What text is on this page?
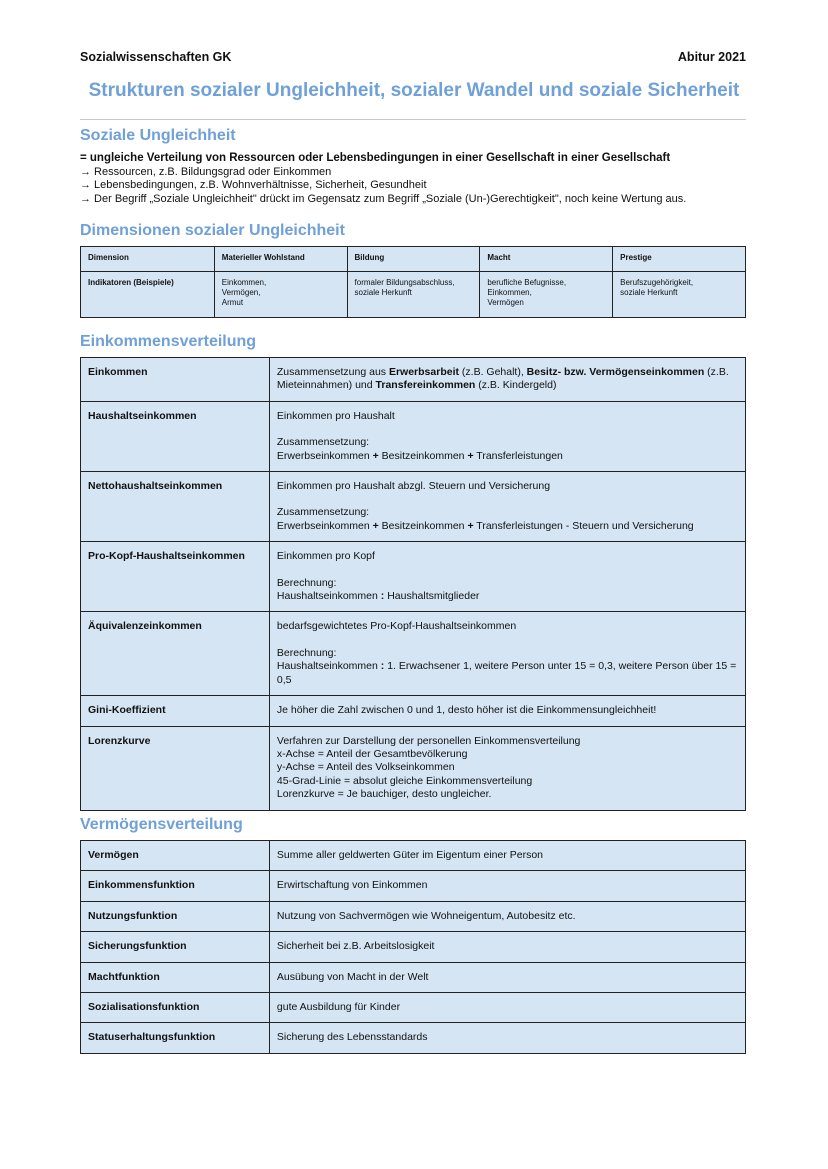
Sozialwissenschaften GK	Abitur 2021
Strukturen sozialer Ungleichheit, sozialer Wandel und soziale Sicherheit
Soziale Ungleichheit
= ungleiche Verteilung von Ressourcen oder Lebensbedingungen in einer Gesellschaft in einer Gesellschaft
→ Ressourcen, z.B. Bildungsgrad oder Einkommen
→ Lebensbedingungen, z.B. Wohnverhältnisse, Sicherheit, Gesundheit
→ Der Begriff „Soziale Ungleichheit" drückt im Gegensatz zum Begriff „Soziale (Un-)Gerechtigkeit", noch keine Wertung aus.
Dimensionen sozialer Ungleichheit
Dimension	Materieller Wohlstand	Bildung	Macht	Prestige
Indikatoren (Beispiele)	Einkommen,
Vermögen,
Armut	formaler Bildungsabschluss,
soziale Herkunft	berufliche Befugnisse,
Einkommen,
Vermögen	Berufszugehörigkeit,
soziale Herkunft
Einkommensverteilung
Einkommen	Zusammensetzung aus Erwerbsarbeit (z.B. Gehalt), Besitz- bzw. Vermögenseinkommen (z.B. Mieteinnahmen) und Transfereinkommen (z.B. Kindergeld)
Haushaltseinkommen	Einkommen pro Haushalt
Zusammensetzung:
Erwerbseinkommen + Besitzeinkommen + Transferleistungen

Nettohaushaltseinkommen	Einkommen pro Haushalt abzgl. Steuern und Versicherung
Zusammensetzung:
Erwerbseinkommen + Besitzeinkommen + Transferleistungen - Steuern und Versicherung

Pro-Kopf-Haushaltseinkommen	Einkommen pro Kopf
Berechnung:
Haushaltseinkommen : Haushaltsmitglieder

Äquivalenzeinkommen	bedarfsgewichtetes Pro-Kopf-Haushaltseinkommen
Berechnung:
Haushaltseinkommen : 1. Erwachsener 1, weitere Person unter 15 = 0,3, weitere Person über 15 = 0,5

Gini-Koeffizient	Je höher die Zahl zwischen 0 und 1, desto höher ist die Einkommensungleichheit!
Lorenzkurve	Verfahren zur Darstellung der personellen Einkommensverteilung
x-Achse = Anteil der Gesamtbevölkerung
y-Achse = Anteil des Volkseinkommen
45-Grad-Linie = absolut gleiche Einkommensverteilung
Lorenzkurve = Je bauchiger, desto ungleicher.
Vermögensverteilung
Vermögen	Summe aller geldwerten Güter im Eigentum einer Person
Einkommensfunktion	Erwirtschaftung von Einkommen
Nutzungsfunktion	Nutzung von Sachvermögen wie Wohneigentum, Autobesitz etc.
Sicherungsfunktion	Sicherheit bei z.B. Arbeitslosigkeit
Machtfunktion	Ausübung von Macht in der Welt
Sozialisationsfunktion	gute Ausbildung für Kinder
Statuserhaltungsfunktion	Sicherung des Lebensstandards
